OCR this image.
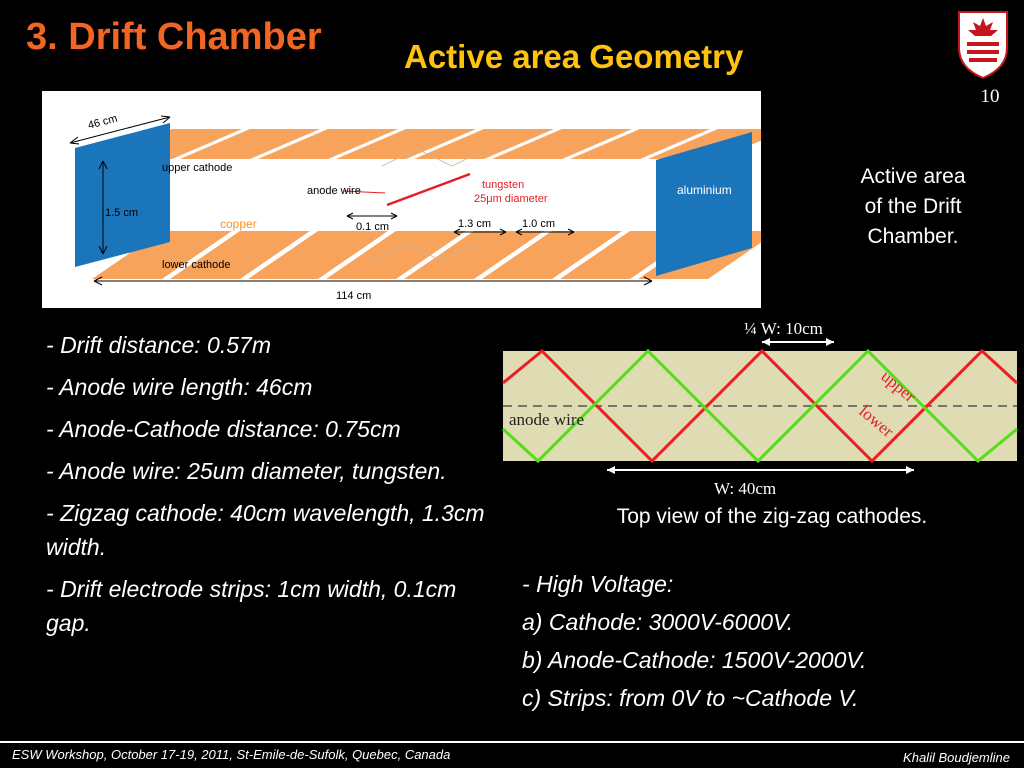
3. Drift Chamber Active area Geometry
10
46 cm
1.5 cm
upper cathode
lower cathode
copper
anode wire	tungsten
25μm diameter
0.1 cm	1.3 cm	1.0 cm
aluminium
114 cm
Active area
of the Drift
Chamber.
- Drift distance: 0.57m
- Anode wire length: 46cm
- Anode-Cathode distance: 0.75cm
- Anode wire: 25um diameter, tungsten.
- Zigzag cathode: 40cm wavelength, 1.3cm width.
- Drift electrode strips: 1cm width, 0.1cm gap.
anode wire
upper
lower
¼ W: 10cm
W: 40cm
Top view of the zig-zag cathodes.
- High Voltage:
a) Cathode: 3000V-6000V.
b) Anode-Cathode: 1500V-2000V.
c) Strips: from 0V to ~Cathode V.
ESW Workshop, October 17-19, 2011, St-Emile-de-Sufolk, Quebec, Canada	Khalil Boudjemline
